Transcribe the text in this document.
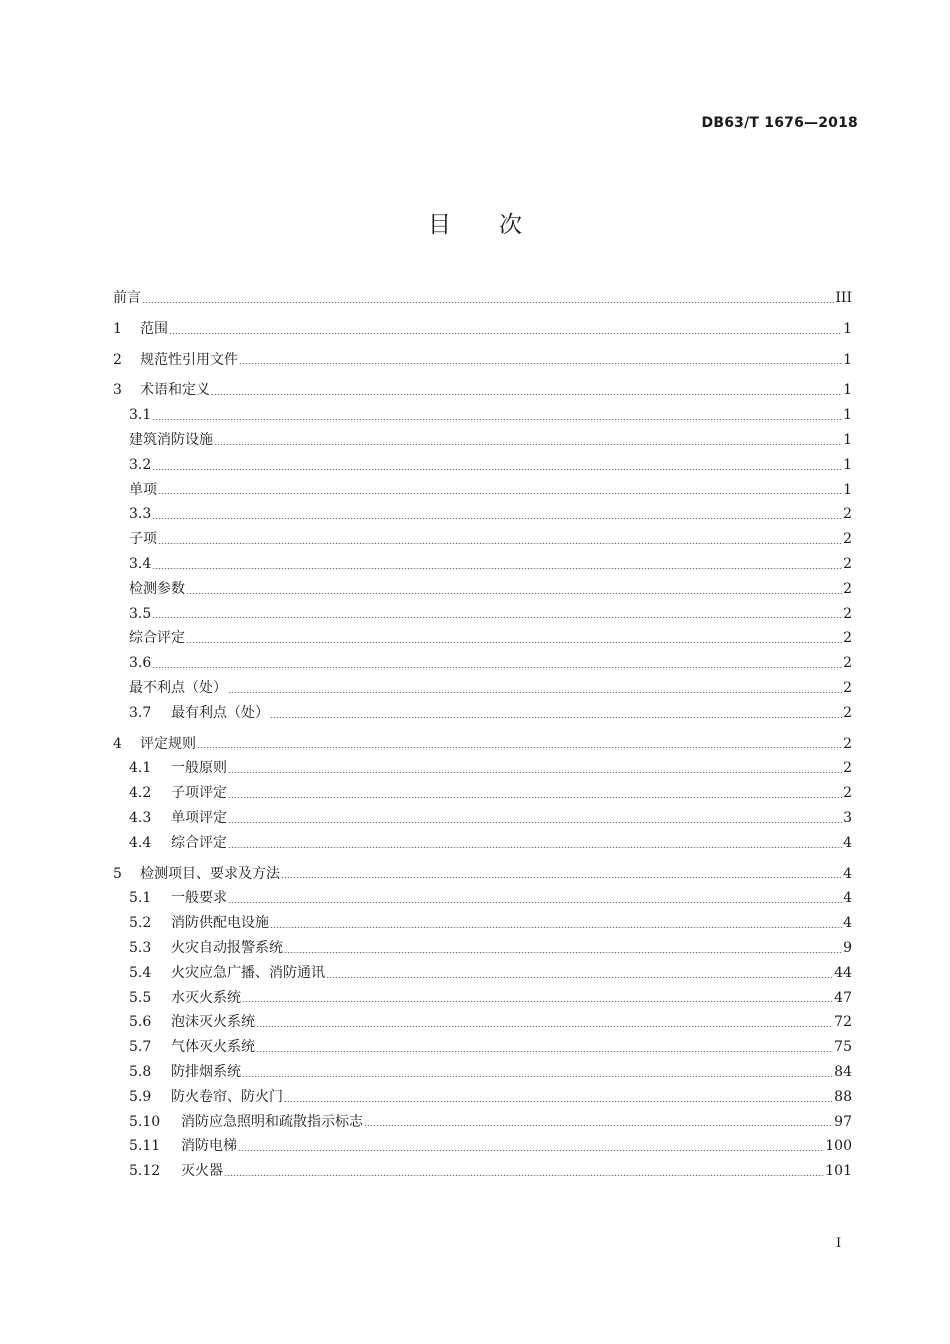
DB63/T 1676—2018
目 次
前言	III
1	范围	1
2	规范性引用文件	1
3	术语和定义	1
3.1	1
建筑消防设施	1
3.2	1
单项	1
3.3	2
子项	2
3.4	2
检测参数	2
3.5	2
综合评定	2
3.6	2
最不利点（处）	2
3.7	最有利点（处）	2
4	评定规则	2
4.1	一般原则	2
4.2	子项评定	2
4.3	单项评定	3
4.4	综合评定	4
5	检测项目、要求及方法	4
5.1	一般要求	4
5.2	消防供配电设施	4
5.3	火灾自动报警系统	9
5.4	火灾应急广播、消防通讯	44
5.5	水灭火系统	47
5.6	泡沫灭火系统	72
5.7	气体灭火系统	75
5.8	防排烟系统	84
5.9	防火卷帘、防火门	88
5.10	消防应急照明和疏散指示标志	97
5.11	消防电梯	100
5.12	灭火器	101
I
